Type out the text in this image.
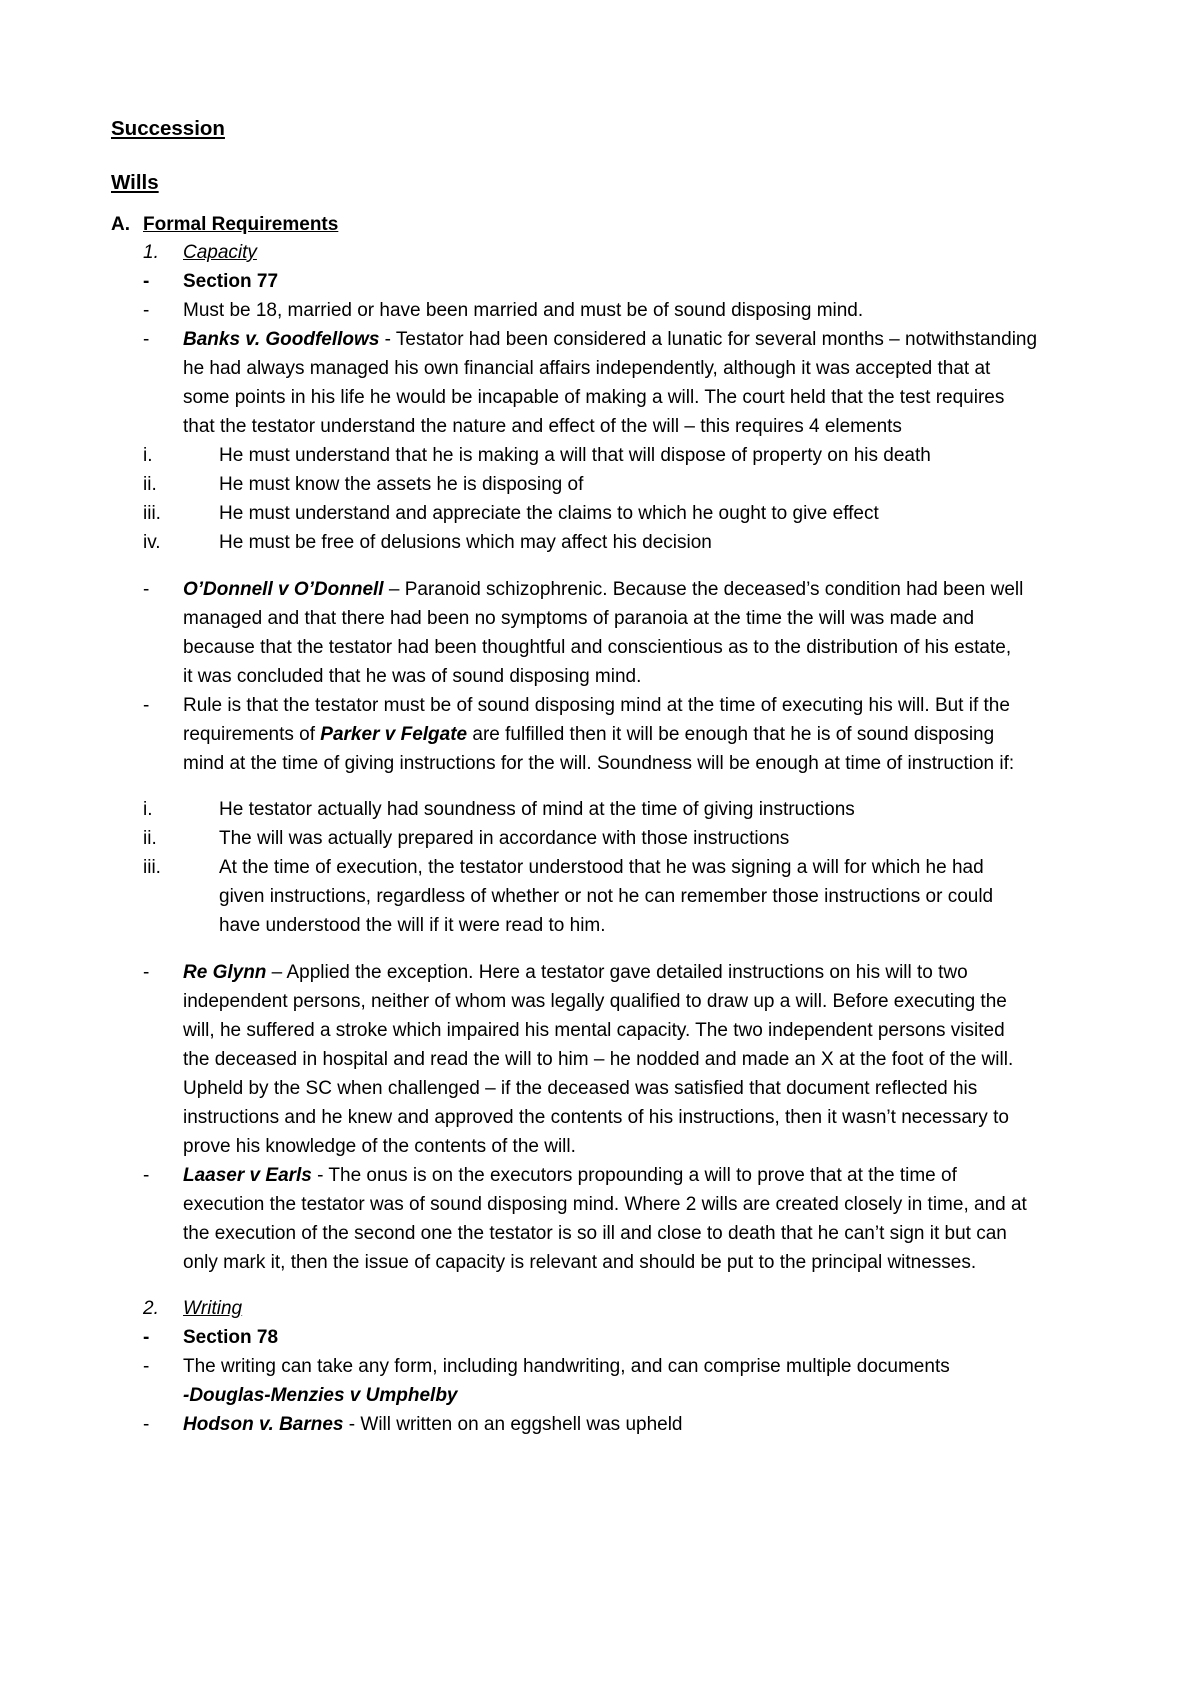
Succession
Wills
A. Formal Requirements
1. Capacity
- Section 77
- Must be 18, married or have been married and must be of sound disposing mind.
- Banks v. Goodfellows - Testator had been considered a lunatic for several months – notwithstanding
he had always managed his own financial affairs independently, although it was accepted that at
some points in his life he would be incapable of making a will. The court held that the test requires
that the testator understand the nature and effect of the will – this requires 4 elements
i.	He must understand that he is making a will that will dispose of property on his death
ii.	He must know the assets he is disposing of
iii.	He must understand and appreciate the claims to which he ought to give effect
iv.	He must be free of delusions which may affect his decision
- O’Donnell v O’Donnell – Paranoid schizophrenic. Because the deceased’s condition had been well
managed and that there had been no symptoms of paranoia at the time the will was made and
because that the testator had been thoughtful and conscientious as to the distribution of his estate,
it was concluded that he was of sound disposing mind.
- Rule is that the testator must be of sound disposing mind at the time of executing his will. But if the
requirements of Parker v Felgate are fulfilled then it will be enough that he is of sound disposing
mind at the time of giving instructions for the will. Soundness will be enough at time of instruction if:
i.	He testator actually had soundness of mind at the time of giving instructions
ii.	The will was actually prepared in accordance with those instructions
iii.	At the time of execution, the testator understood that he was signing a will for which he had
given instructions, regardless of whether or not he can remember those instructions or could
have understood the will if it were read to him.
- Re Glynn – Applied the exception. Here a testator gave detailed instructions on his will to two
independent persons, neither of whom was legally qualified to draw up a will. Before executing the
will, he suffered a stroke which impaired his mental capacity. The two independent persons visited
the deceased in hospital and read the will to him – he nodded and made an X at the foot of the will.
Upheld by the SC when challenged – if the deceased was satisfied that document reflected his
instructions and he knew and approved the contents of his instructions, then it wasn’t necessary to
prove his knowledge of the contents of the will.
- Laaser v Earls - The onus is on the executors propounding a will to prove that at the time of
execution the testator was of sound disposing mind. Where 2 wills are created closely in time, and at
the execution of the second one the testator is so ill and close to death that he can’t sign it but can
only mark it, then the issue of capacity is relevant and should be put to the principal witnesses.
2. Writing
- Section 78
- The writing can take any form, including handwriting, and can comprise multiple documents
-Douglas-Menzies v Umphelby
- Hodson v. Barnes - Will written on an eggshell was upheld
